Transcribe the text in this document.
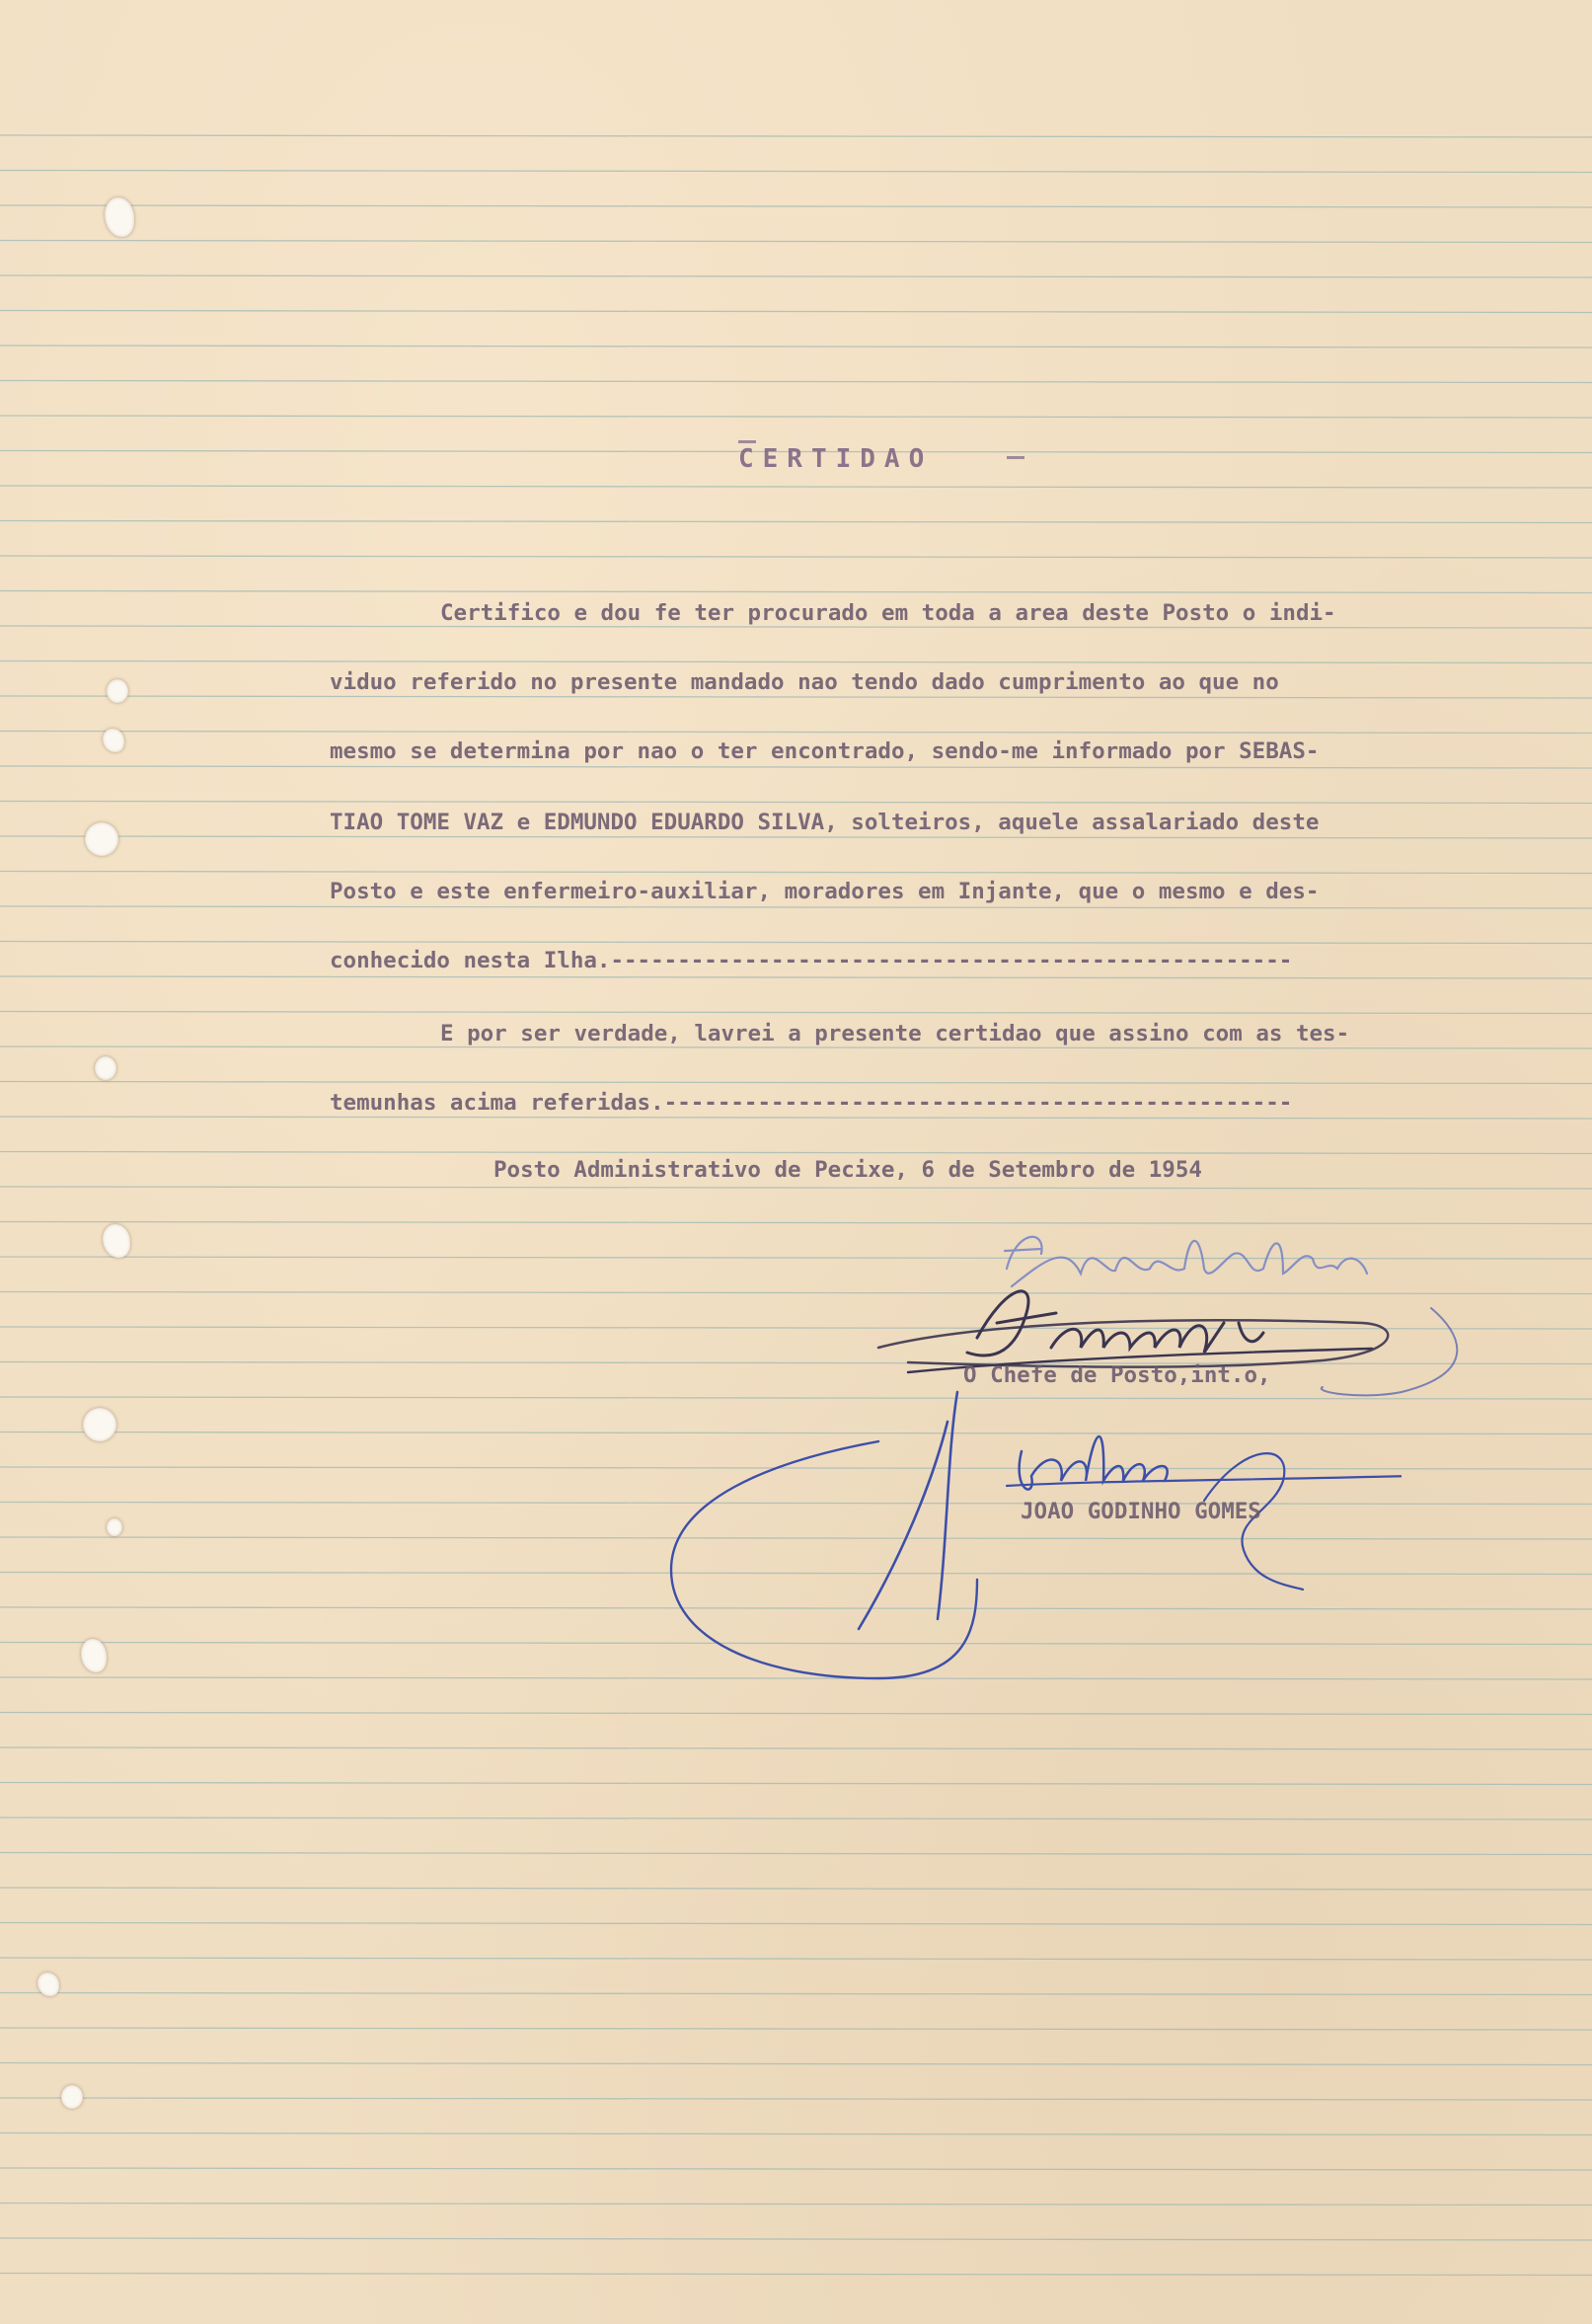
CERTIDAO
Certifico e dou fe ter procurado em toda a area deste Posto o indi-
viduo referido no presente mandado nao tendo dado cumprimento ao que no
mesmo se determina por nao o ter encontrado, sendo-me informado por SEBAS-
TIAO TOME VAZ e EDMUNDO EDUARDO SILVA, solteiros, aquele assalariado deste
Posto e este enfermeiro-auxiliar, moradores em Injante, que o mesmo e des-
conhecido nesta Ilha.---------------------------------------------------
E por ser verdade, lavrei a presente certidao que assino com as tes-
temunhas acima referidas.-----------------------------------------------
Posto Administrativo de Pecixe, 6 de Setembro de 1954
O Chefe de Posto,int.o,
JOAO GODINHO GOMES
